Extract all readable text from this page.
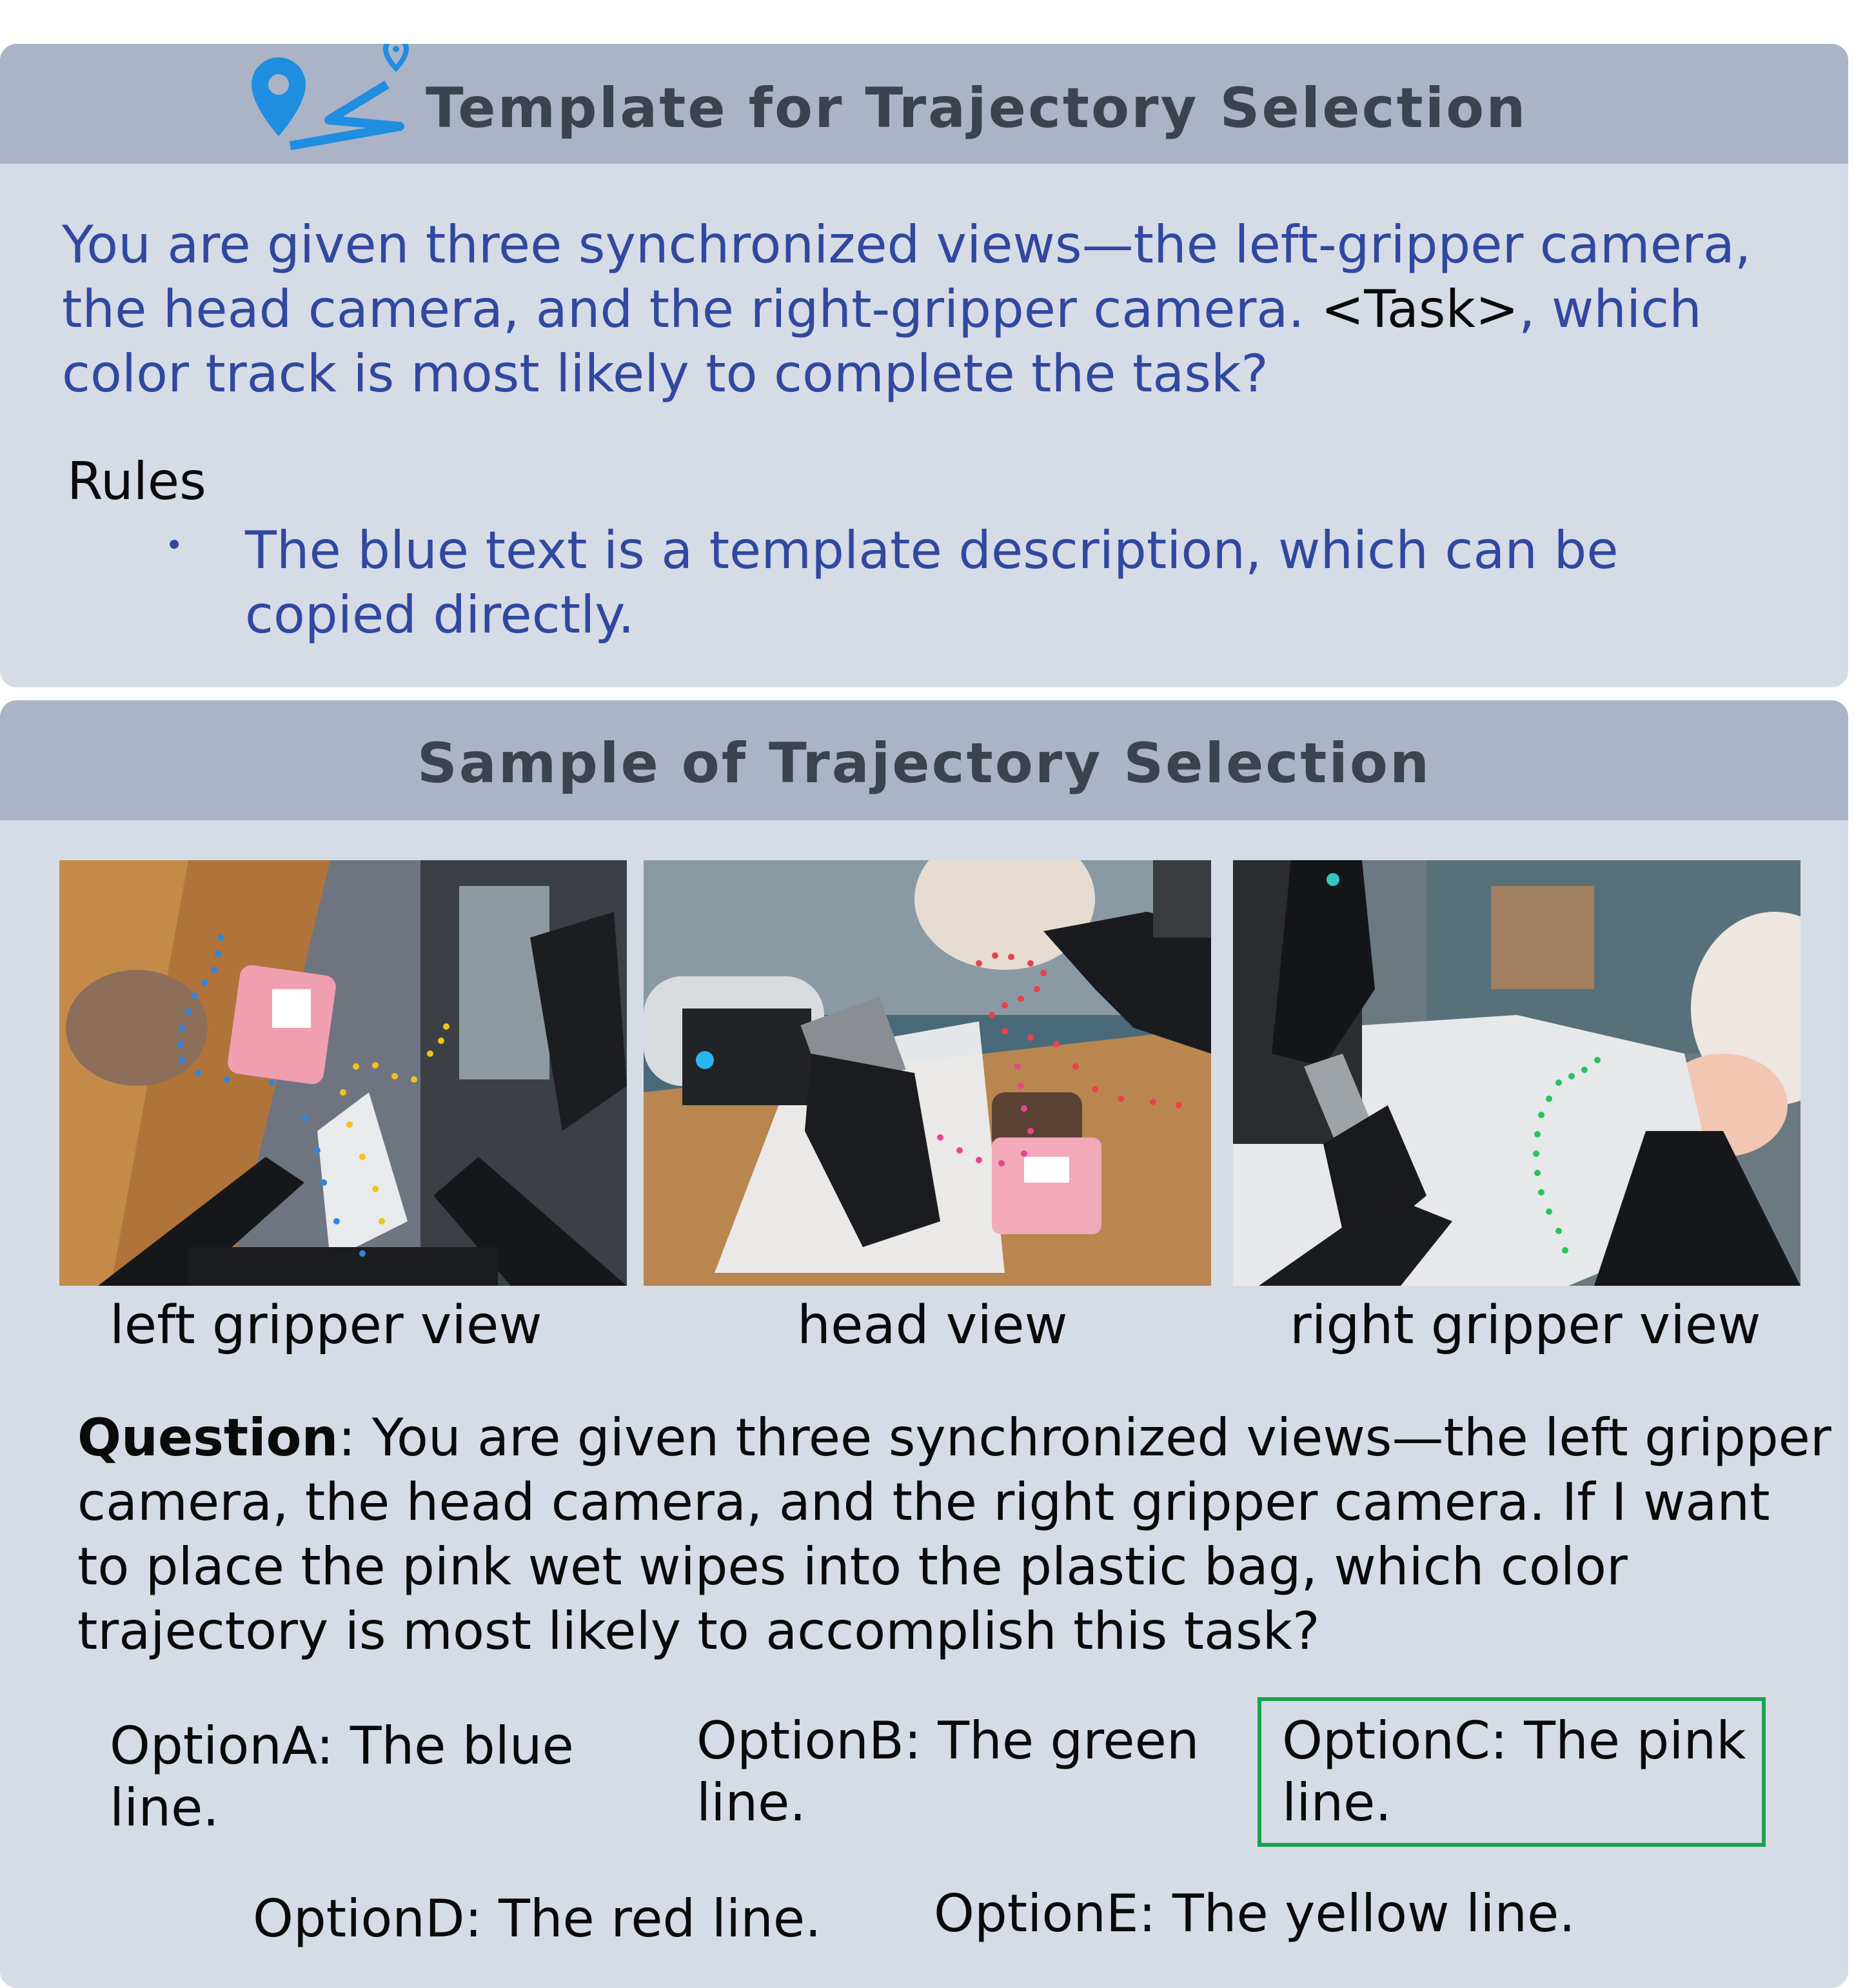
Template for Trajectory Selection
You are given three synchronized views—the left-gripper camera, the head camera, and the right-gripper camera. <Task>, which color track is most likely to complete the task?
Rules
• The blue text is a template description, which can be copied directly.
Sample of Trajectory Selection
left gripper view	head view	right gripper view
Question: You are given three synchronized views—the left gripper camera, the head camera, and the right gripper camera. If I want to place the pink wet wipes into the plastic bag, which color trajectory is most likely to accomplish this task?
OptionA: The blue line.
OptionB: The green line.
OptionC: The pink line.
OptionD: The red line. OptionE: The yellow line.
